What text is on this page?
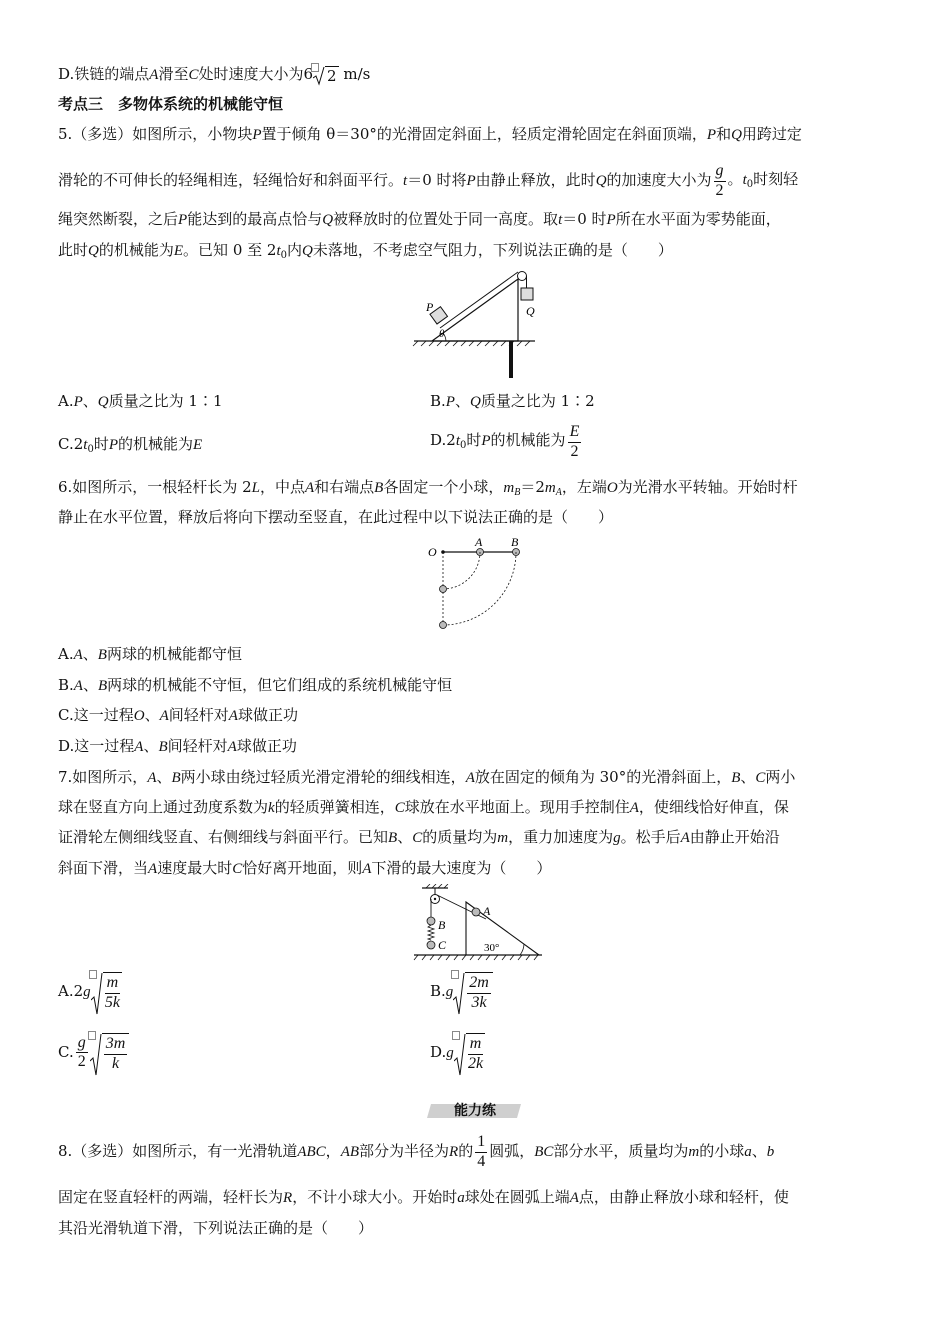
D.铁链的端点A滑至C处时速度大小为6 2 m/s
考点三　多物体系统的机械能守恒
5.（多选）如图所示，小物块P置于倾角 θ＝30°的光滑固定斜面上，轻质定滑轮固定在斜面顶端，P和Q用跨过定
滑轮的不可伸长的轻绳相连，轻绳恰好和斜面平行。t＝0 时将P由静止释放，此时Q的加速度大小为 $\frac{g}{2}$ 。$t_0$时刻轻
绳突然断裂，之后P能达到的最高点恰与Q被释放时的位置处于同一高度。取t＝0 时P所在水平面为零势能面，
此时Q的机械能为E。已知 0 至 $2t_0$内Q未落地，不考虑空气阻力，下列说法正确的是（　　）
P	Q
θ
A.P、Q质量之比为 1∶1	B.P、Q质量之比为 1∶2
$C.2t_0$时P的机械能为E	$D.2t_0$时P的机械能为 $\frac{E}{2}$
6.如图所示，一根轻杆长为 2L，中点A和右端点B各固定一个小球，$m_B=2m_A$，左端O为光滑水平转轴。开始时杆
静止在水平位置，释放后将向下摆动至竖直，在此过程中以下说法正确的是（　　）
O
A B
A.A、B两球的机械能都守恒
B.A、B两球的机械能不守恒，但它们组成的系统机械能守恒
C.这一过程O、A间轻杆对A球做正功
D.这一过程A、B间轻杆对A球做正功
7.如图所示，A、B两小球由绕过轻质光滑定滑轮的细线相连，A放在固定的倾角为 30°的光滑斜面上，B、C两小
球在竖直方向上通过劲度系数为k的轻质弹簧相连，C球放在水平地面上。现用手控制住A，使细线恰好伸直，保
证滑轮左侧细线竖直、右侧细线与斜面平行。已知B、C的质量均为m，重力加速度为g。松手后A由静止开始沿
斜面下滑，当A速度最大时C恰好离开地面，则A下滑的最大速度为（　　）
A
B
C	30°
$A.2g \frac{m}{5k}$	$B.g \frac{2m}{3k}$
C. $\frac{g}{2} \frac{3m}{k}$	$D.g \frac{m}{2k}$
能力练
8.（多选）如图所示，有一光滑轨道ABC，AB部分为半径为R的 $\frac{1}{4}$ 圆弧，BC部分水平，质量均为m的小球a、b
固定在竖直轻杆的两端，轻杆长为R，不计小球大小。开始时a球处在圆弧上端A点，由静止释放小球和轻杆，使
其沿光滑轨道下滑，下列说法正确的是（　　）
